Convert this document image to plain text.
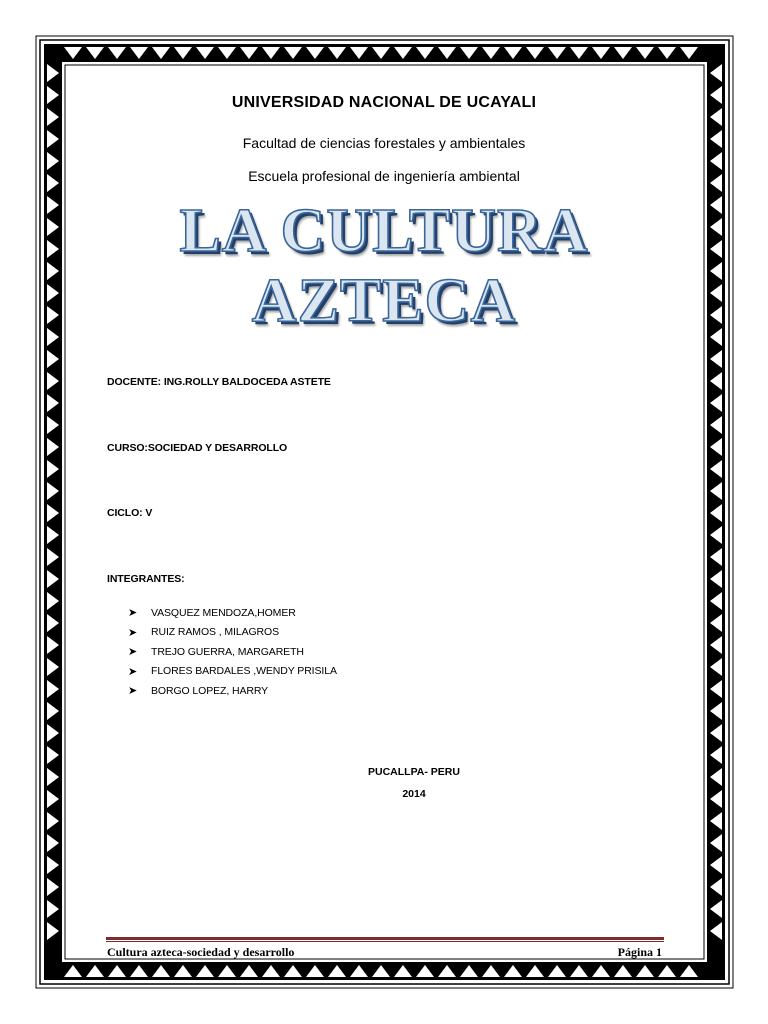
UNIVERSIDAD NACIONAL DE UCAYALI
Facultad de ciencias forestales y ambientales
Escuela profesional de ingeniería ambiental
LA CULTURA
AZTECA
DOCENTE: ING.ROLLY BALDOCEDA ASTETE
CURSO:SOCIEDAD Y DESARROLLO
CICLO: V
INTEGRANTES:
➤	VASQUEZ MENDOZA,HOMER
➤	RUIZ RAMOS , MILAGROS
➤	TREJO GUERRA, MARGARETH
➤	FLORES BARDALES ,WENDY PRISILA
➤	BORGO LOPEZ, HARRY
PUCALLPA- PERU
2014
Cultura azteca-sociedad y desarrollo	Página 1
